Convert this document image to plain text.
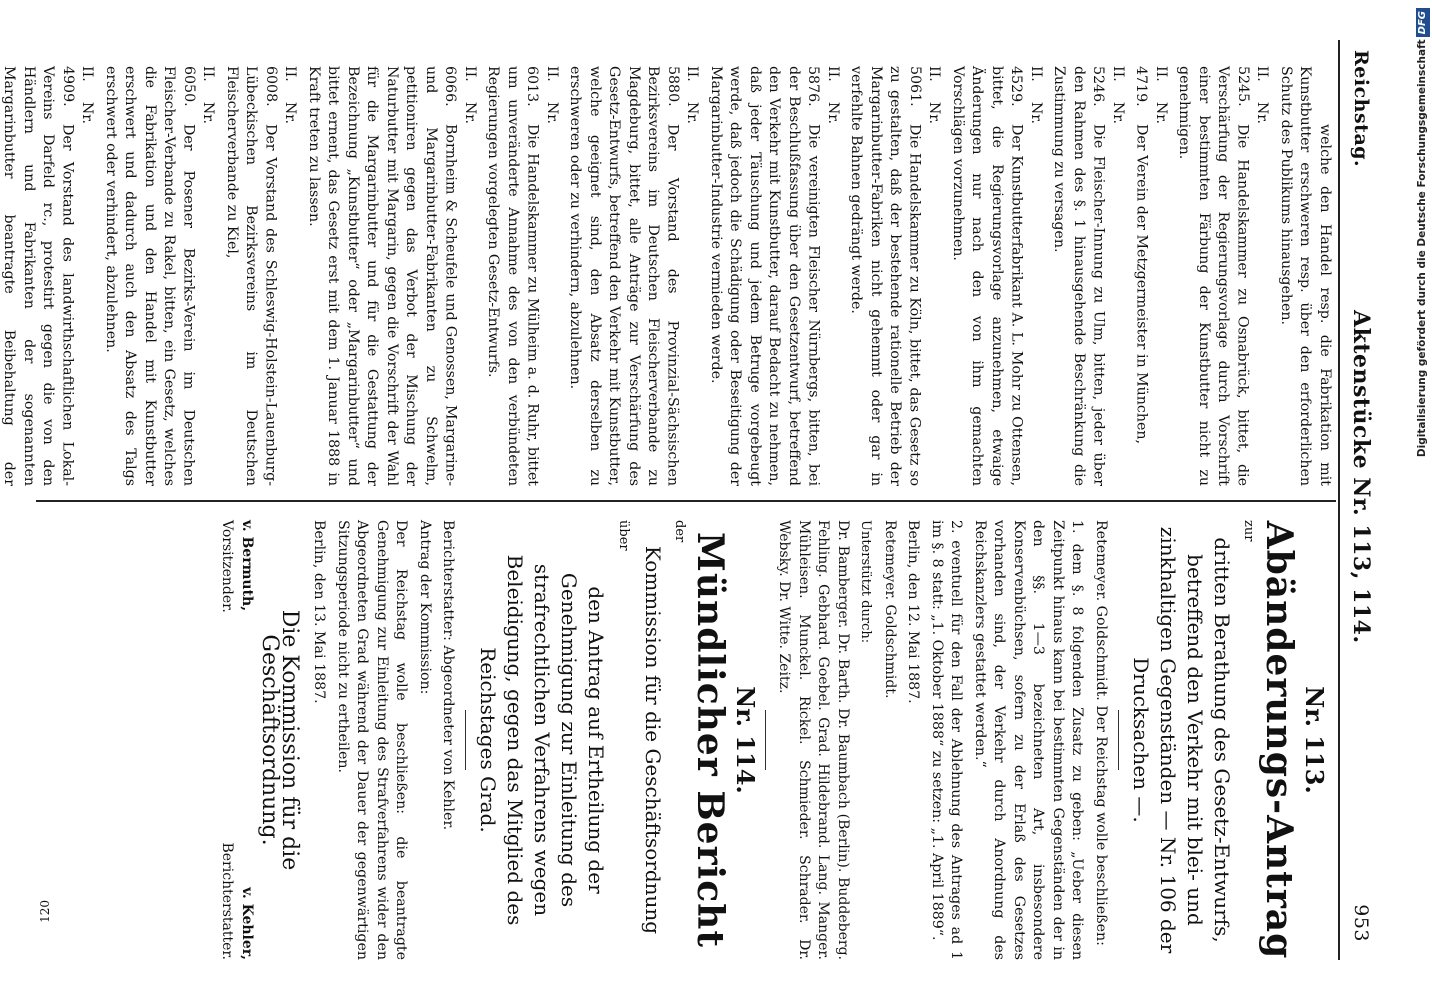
Reichstag.
Aktenstücke Nr. 113, 114.
953

welche den Handel resp. die Fabrikation mit Kunstbutter erschweren resp. über den erforderlichen Schutz des Publikums hinausgehen.

II. Nr. 5245.Die Handelskammer zu Osnabrück, bittet, die Verschärfung der Regierungsvorlage durch Vorschrift einer bestimmten Färbung der Kunstbutter nicht zu genehmigen.

II. Nr. 4719.Der Verein der Metzgermeister in München,

II. Nr. 5246.Die Fleischer-Innung zu Ulm, bitten, jeder über den Rahmen des §. 1 hinausgehende Beschränkung die Zustimmung zu versagen.

II. Nr. 4529.Der Kunstbutterfabrikant A. L. Mohr zu Ottensen, bittet, die Regierungsvorlage anzunehmen, etwaige Änderungen nur nach den von ihm gemachten Vorschlägen vorzunehmen.

II. Nr. 5061.Die Handelskammer zu Köln, bittet, das Gesetz so zu gestalten, daß der bestehende rationelle Betrieb der Margarinbutter-Fabriken nicht gehemmt oder gar in verfehlte Bahnen gedrängt werde.

II. Nr. 5876.Die vereinigten Fleischer Nürnbergs, bitten, bei der Beschlußfassung über den Gesetzentwurf, betreffend den Verkehr mit Kunstbutter, darauf Bedacht zu nehmen, daß jeder Täuschung und jedem Betruge vorgebeugt werde, daß jedoch die Schädigung oder Beseitigung der Margarinbutter-Industrie vermieden werde.

II. Nr. 5880.Der Vorstand des Provinzial-Sächsischen Bezirksvereins im Deutschen Fleischerverbande zu Magdeburg, bittet, alle Anträge zur Verschärfung des Gesetz-Entwurfs, betreffend den Verkehr mit Kunstbutter, welche geeignet sind, den Absatz derselben zu erschweren oder zu verhindern, abzulehnen.

II. Nr. 6013.Die Handelskammer zu Mülheim a. d. Ruhr, bittet um unveränderte Annahme des von den verbündeten Regierungen vorgelegten Gesetz-Entwurfs.

II. Nr. 6066.Bornheim & Scheufele und Genossen, Margarine- und Margarinbutter-Fabrikanten zu Schwelm, petitioniren gegen das Verbot der Mischung der Naturbutter mit Margarin, gegen die Vorschrift der Wahl für die Margarinbutter und für die Gestattung der Bezeichnung „Kunstbutter“ oder „Margarinbutter“ und bittet ernent, das Gesetz erst mit dem 1. Januar 1888 in Kraft treten zu lassen.

II. Nr. 6008.Der Vorstand des Schleswig-Holstein-Lauenburg-Lübeckischen Bezirksvereins im Deutschen Fleischerverbande zu Kiel,

II. Nr. 6050.Der Posener Bezirks-Verein im Deutschen Fleischer-Verbande zu Rakel, bitten, ein Gesetz, welches die Fabrikation und den Handel mit Kunstbutter erschwert und dadurch auch den Absatz des Talgs erschwert oder verhindert, abzulehnen.

II. Nr. 4909.Der Vorstand des landwirthschaftlichen Lokal-Vereins Darfeld rc., protestirt gegen die von den Händlern und Fabrikanten der sogenannten Margarinbutter beantragte Beibehaltung der

Nr. 113.
Abänderungs-Antrag

zur

dritten Berathung des Gesetz-Entwurfs, betreffend den Verkehr mit blei- und zinkhaltigen Gegenständen — Nr. 106 der Drucksachen —.

Retemeyer. Goldschmidt. Der Reichstag wolle beschließen:

1. dem §. 8 folgenden Zusatz zu geben: „Ueber diesen Zeitpunkt hinaus kann bei bestimmten Gegenständen der in den §§. 1—3 bezeichneten Art, insbesondere Konservenbüchsen, sofern zu der Erlaß des Gesetzes vorhanden sind, der Verkehr durch Anordnung des Reichskanzlers gestattet werden.“

2. eventuell für den Fall der Ablehnung des Antrages ad 1 im §. 8 statt: „1. Oktober 1888“ zu setzen: „1. April 1889“.

Berlin, den 12. Mai 1887.

Retemeyer. Goldschmidt.

Unterstützt durch:

Dr. Bamberger. Dr. Barth. Dr. Baumbach (Berlin). Buddeberg. Fehling. Gebhard. Goebel. Grad. Hildebrand. Lang. Manger. Mühleisen. Munckel. Rickel. Schmieder. Schrader. Dr. Websky. Dr. Witte. Zeitz.

Nr. 114.
Mündlicher Bericht

der

Kommission für die Geschäftsordnung

über

den Antrag auf Ertheilung der Genehmigung zur Einleitung des strafrechtlichen Verfahrens wegen Beleidigung, gegen das Mitglied des Reichstages Grad.

Berichterstatter: Abgeordneter von Kehler.

Antrag der Kommission:

Der Reichstag wolle beschließen: die beantragte Genehmigung zur Einleitung des Strafverfahrens wider den Abgeordneten Grad während der Dauer der gegenwärtigen Sitzungsperiode nicht zu ertheilen.

Berlin, den 13. Mai 1887.

Die Kommission für die Geschäftsordnung.
v. Bermuth,
v. Kehler,
Vorsitzender.
Berichterstatter.
120
Digitalisierung gefördert durch die Deutsche ForschungsgemeinschaftDFG
